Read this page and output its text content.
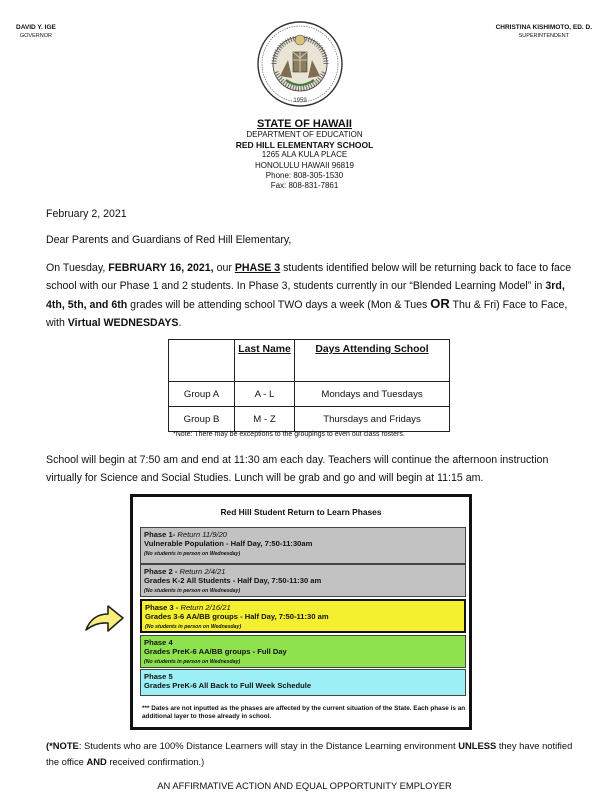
DAVID Y. IGE
GOVERNOR
CHRISTINA KISHIMOTO, ED. D.
SUPERINTENDENT
1959
STATE OF HAWAII
DEPARTMENT OF EDUCATION
RED HILL ELEMENTARY SCHOOL
1265 ALA KULA PLACE
HONOLULU HAWAII 96819
Phone: 808-305-1530
Fax: 808-831-7861
February 2, 2021
Dear Parents and Guardians of Red Hill Elementary,
On Tuesday, FEBRUARY 16, 2021, our PHASE 3 students identified below will be returning back to face to face school with our Phase 1 and 2 students. In Phase 3, students currently in our “Blended Learning Model” in 3rd, 4th, 5th, and 6th grades will be attending school TWO days a week (Mon & Tues OR Thu & Fri) Face to Face, with Virtual WEDNESDAYS.
	Last Name	Days Attending School
Group A	A - L	Mondays and Tuesdays
Group B	M - Z	Thursdays and Fridays
*Note: There may be exceptions to the groupings to even out class rosters.
School will begin at 7:50 am and end at 11:30 am each day. Teachers will continue the afternoon instruction virtually for Science and Social Studies. Lunch will be grab and go and will begin at 11:15 am.
Red Hill Student Return to Learn Phases
Phase 1- Return 11/9/20
Vulnerable Population - Half Day, 7:50-11:30am
(No students in person on Wednesday)
Phase 2 - Return 2/4/21
Grades K-2 All Students - Half Day, 7:50-11:30 am
(No students in person on Wednesday)
Phase 3 - Return 2/16/21
Grades 3-6 AA/BB groups - Half Day, 7:50-11:30 am
(No students in person on Wednesday)
Phase 4
Grades PreK-6 AA/BB groups - Full Day
(No students in person on Wednesday)
Phase 5
Grades PreK-6 All Back to Full Week Schedule
*** Dates are not inputted as the phases are affected by the current situation of the State. Each phase is an additional layer to those already in school.
(*NOTE: Students who are 100% Distance Learners will stay in the Distance Learning environment UNLESS they have notified the office AND received confirmation.)
AN AFFIRMATIVE ACTION AND EQUAL OPPORTUNITY EMPLOYER
